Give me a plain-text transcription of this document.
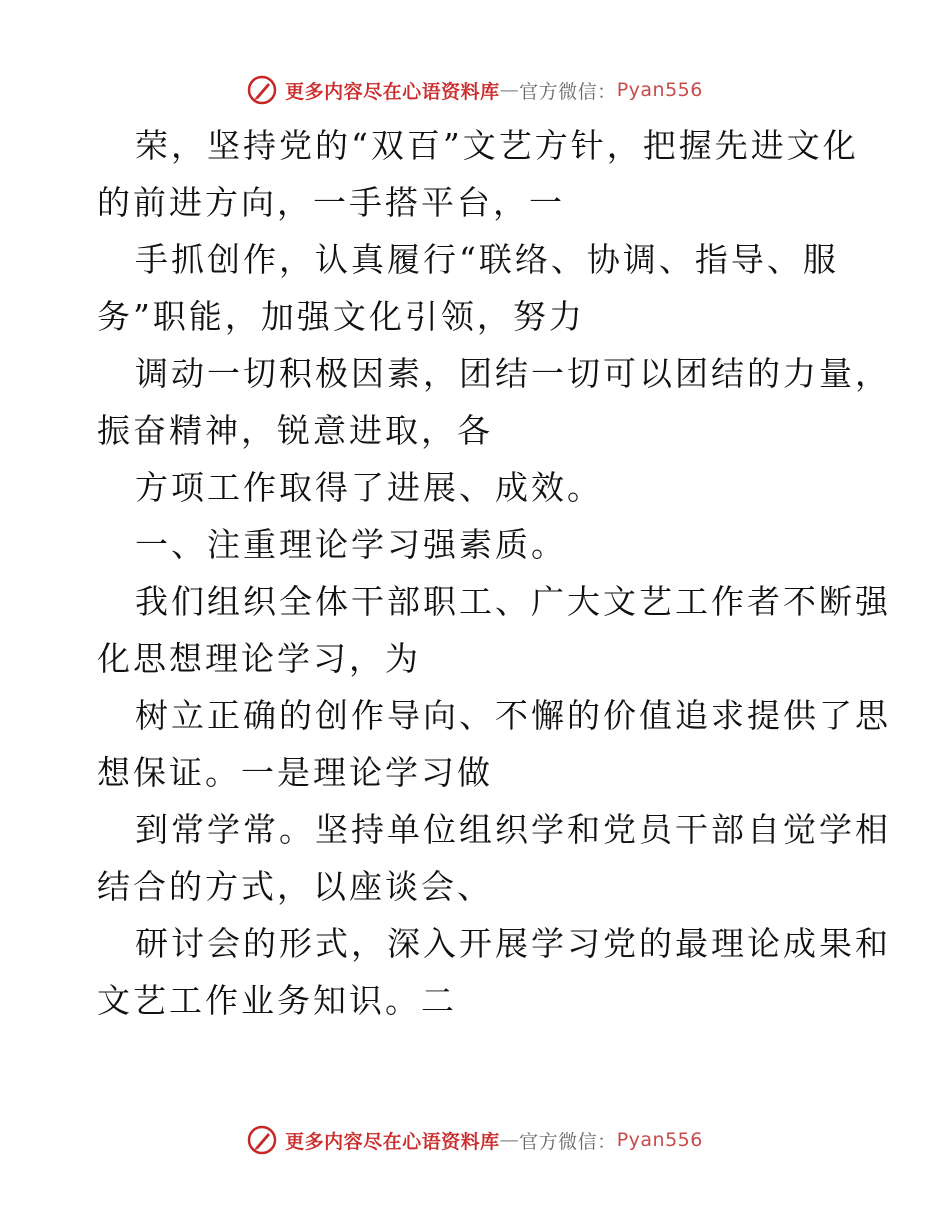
更多内容尽在心语资料库 — 官方微信： Pyan556
荣，坚持党的“双百”文艺方针，把握先进文化
的前进方向，一手搭平台，一
手抓创作，认真履行“联络、协调、指导、服
务”职能，加强文化引领，努力
调动一切积极因素，团结一切可以团结的力量，
振奋精神，锐意进取，各
方项工作取得了进展、成效。
一、注重理论学习强素质。
我们组织全体干部职工、广大文艺工作者不断强
化思想理论学习，为
树立正确的创作导向、不懈的价值追求提供了思
想保证。一是理论学习做
到常学常。坚持单位组织学和党员干部自觉学相
结合的方式，以座谈会、
研讨会的形式，深入开展学习党的最理论成果和
文艺工作业务知识。二
更多内容尽在心语资料库 — 官方微信： Pyan556
